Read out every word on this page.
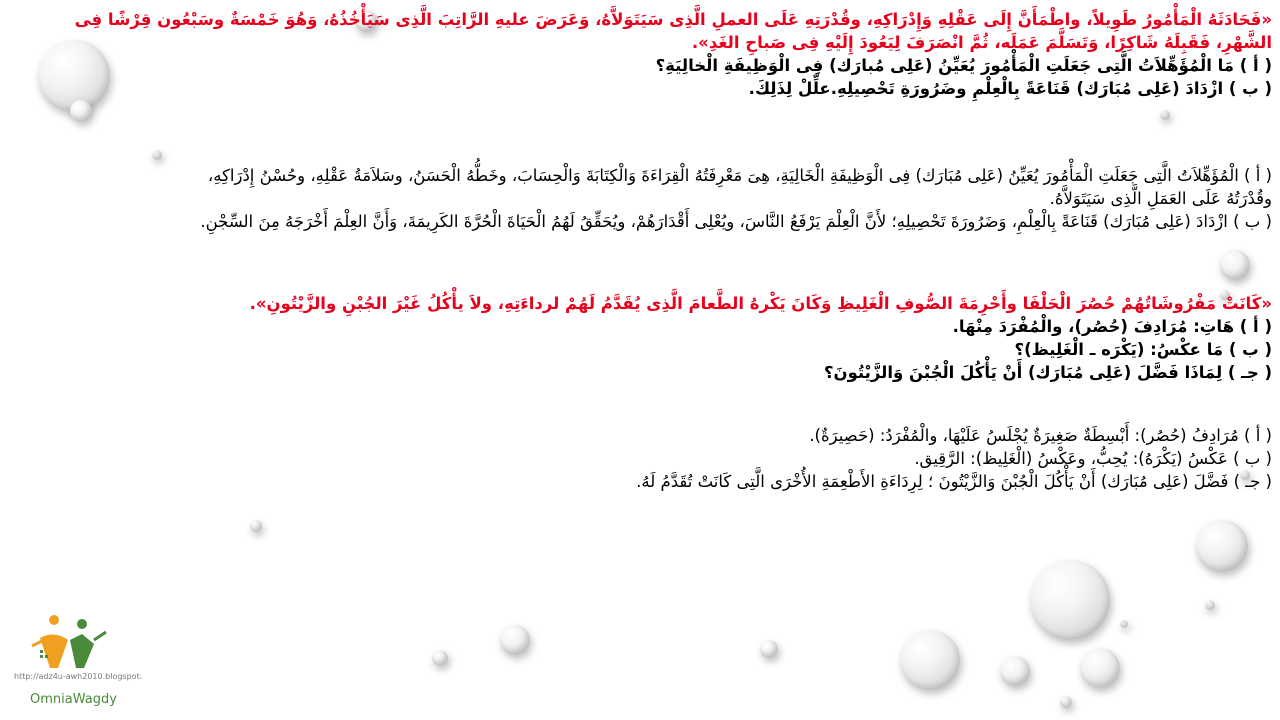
«فَحَادَثَهُ الْمَأْمُورُ طَوِيلاً، واطْمَأَنَّ إِلَى عَقْلِهِ وَإِدْرَاكِهِ، وقُدْرَتِهِ عَلَى العملِ الَّذِى سَيَتَوَلاَّهُ، وَعَرَضَ عليهِ الرَّاتِبَ الَّذِى سَيَأْخُذُهُ، وَهُوَ خَمْسَةٌ وسَبْعُون قِرْشًا فِى
الشَّهْرِ، فَقَبِلَهُ شَاكِرًا، وَتَسَلَّمَ عَمَلَه، ثُمَّ انْصَرَفَ لِيَعُودَ إِلَيْهِ فِى صَباحِ الغَدِ».
( أ ) مَا الْمُؤَهِّلاَتُ الَّتِى جَعَلَتِ الْمَأْمُورَ يُعَيِّنُ (عَلِى مُبارَك) فِى الْوَظِيفَةِ الْخالِيَةِ؟
( ب ) ازْدَادَ (عَلِى مُبَارَك) قَنَاعَةً بِالْعِلْمِ وضَرُورَةِ تَحْصِيلِهِ.علِّلْ لِذَلِكَ.
( أ ) الْمُؤَهِّلاَتُ الَّتِى جَعَلَتِ الْمَأْمُورَ يُعَيِّنُ (عَلِى مُبَارَك) فِى الْوَظِيفَةِ الْخَالِيَةِ، هِىَ مَعْرِفَتُهُ الْقِرَاءَةَ وَالْكِتَابَةَ وَالْحِسَابَ، وخَطُّهُ الْحَسَنُ، وسَلاَمَةُ عَقْلِهِ، وحُسْنُ إِدْرَاكِهِ،
وقُدْرَتُهُ عَلَى العَمَلِ الَّذِى سَيَتَوَلاَّهُ.
( ب ) ازْدَادَ (عَلِى مُبَارَك) قَنَاعَةً بِالْعِلْمِ، وَضَرُورَةَ تَحْصِيلِهِ؛ لأَنَّ الْعِلْمَ يَرْفَعُ النَّاسَ، ويُعْلِى أَقْدَارَهُمْ، ويُحَقِّقُ لَهُمُ الْحَيَاةَ الْحُرَّةَ الكَرِيمَةَ، وَأَنَّ العِلْمَ أَخْرَجَهُ مِنَ السِّجْنِ.
«كَانَتْ مَفْرُوشَاتُهُمْ حُصُرَ الْحَلْفَا وأَحْرِمَةَ الصُّوفِ الْغَلِيظِ وَكَانَ يَكْرهُ الطَّعامَ الَّذِى يُقَدَّمُ لَهُمْ لرداءَتِهِ، ولاَ يأْكُلُ غَيْرَ الجُبْنِ والزَّيْتُونِ».
( أ ) هَاتِ: مُرَادِفَ (حُصُر)، والْمُفْرَدَ مِنْهَا.
( ب ) مَا عكْسُ: (يَكْرَه ـ الْغَلِيظ)؟
( جـ ) لِمَاذَا فَضَّلَ (عَلِى مُبَارَك) أَنْ يَأْكُلَ الْجُبْنَ وَالزَّيْتُونَ؟
( أ ) مُرَادِفُ (حُصُر): أَبْسِطَةٌ صَغِيرَةٌ يُجْلَسُ عَلَيْهَا، والْمُفْرَدُ: (حَصِيرَةٌ).
( ب ) عَكْسُ (يَكْرَهُ): يُحِبُّ، وعَكْسُ (الْغَلِيظ): الرَّقِيق.
( جـ ) فَضَّلَ (عَلِى مُبَارَك) أَنْ يَأْكُلَ الْجُبْنَ وَالزَّيْتُونَ ؛ لِرِدَاءَةِ الأَطْعِمَةِ الأُخْرَى الَّتِى كَانَتْ تُقَدَّمُ لَهُ.
http://adz4u-awh2010.blogspot.
OmniaWagdy
